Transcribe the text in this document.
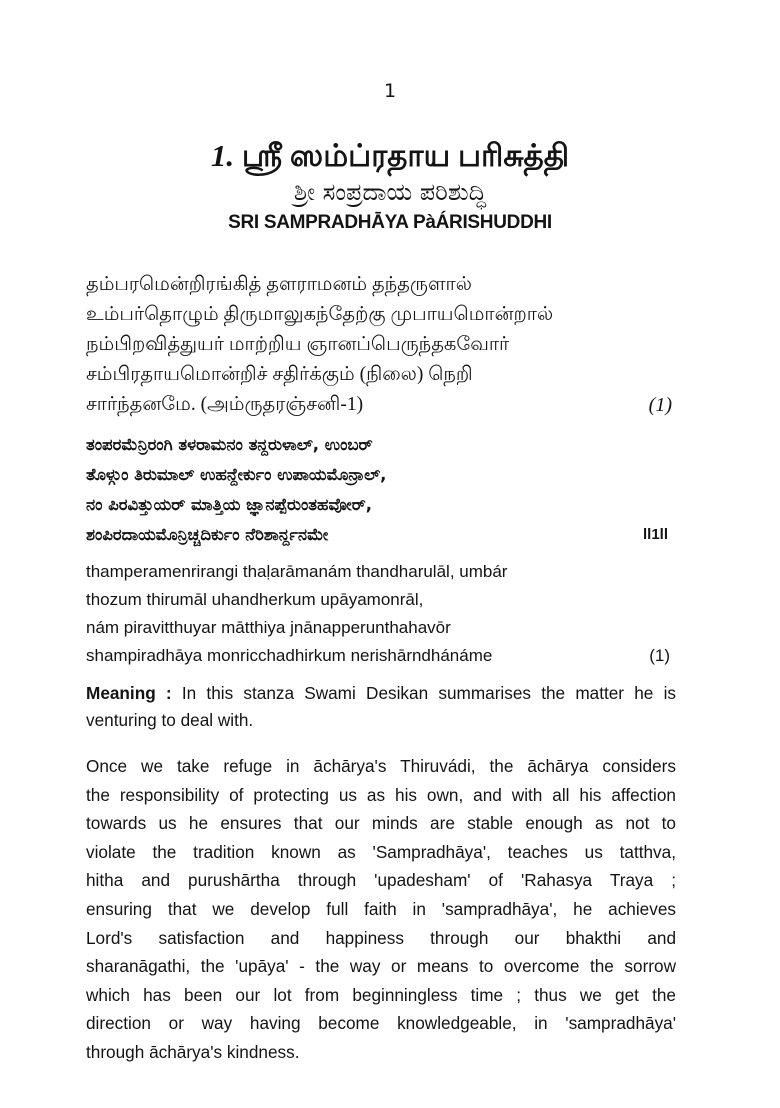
1
1. ஸ்ரீ ஸம்ப்ரதாய பரிசுத்தி
ಶ್ರೀ ಸಂಪ್ರದಾಯ ಪರಿಶುದ್ಧಿ
SRI SAMPRADHĀYA PàÁRISHUDDHI
தம்பரமென்றிரங்கித் தளராமனம் தந்தருளால்
உம்பர்தொழும் திருமாலுகந்தேற்கு முபாயமொன்றால்
நம்பிறவித்துயர் மாற்றிய ஞானப்பெருந்தகவோர்
சம்பிரதாயமொன்றிச் சதிர்க்கும் (நிலை) நெறி
சார்ந்தனமே. (அம்ருதரஞ்சனி-1)	(1)
ತಂಪರಮೆನ್ರಿರಂಗಿ ತಳರಾಮನಂ ತನ್ದರುಳಾಲ್, ಉಂಬರ್
ತೊಳ್ಗುಂ ತಿರುಮಾಲ್ ಉಹನ್ದೇರ್ಕುಂ ಉಪಾಯಮೊನ್ರಾಲ್,
ನಂ ಪಿರವಿತ್ತುಯರ್ ಮಾತ್ತಿಯ ಜ್ಞಾನಪ್ಪೆರುಂತಹವೋರ್,
ಶಂಪಿರದಾಯಮೊನ್ರಿಚ್ಚದಿರ್ಕುಂ ನೆರಿಶಾರ್ನ್ದನಮೇ	ll1ll
thamperamenrirangi thaḷarāmanám thandharulāl, umbár
thozum thirumāl uhandherkum upāyamonrāl,
nám piravitthuyar mātthiya jnānapperunthahavōr
shampiradhāya monricchadhirkum nerishārndhánáme	(1)
Meaning : In this stanza Swami Desikan summarises the matter he is venturing to deal with.
Once we take refuge in āchārya's Thiruvádi, the āchārya considers
the responsibility of protecting us as his own, and with all his affection
towards us he ensures that our minds are stable enough as not to
violate the tradition known as 'Sampradhāya', teaches us tatthva,
hitha and purushārtha through 'upadesham' of 'Rahasya Traya ;
ensuring that we develop full faith in 'sampradhāya', he achieves
Lord's satisfaction and happiness through our bhakthi and
sharanāgathi, the 'upāya' - the way or means to overcome the sorrow
which has been our lot from beginningless time ; thus we get the
direction or way having become knowledgeable, in 'sampradhāya'
through āchārya's kindness.
